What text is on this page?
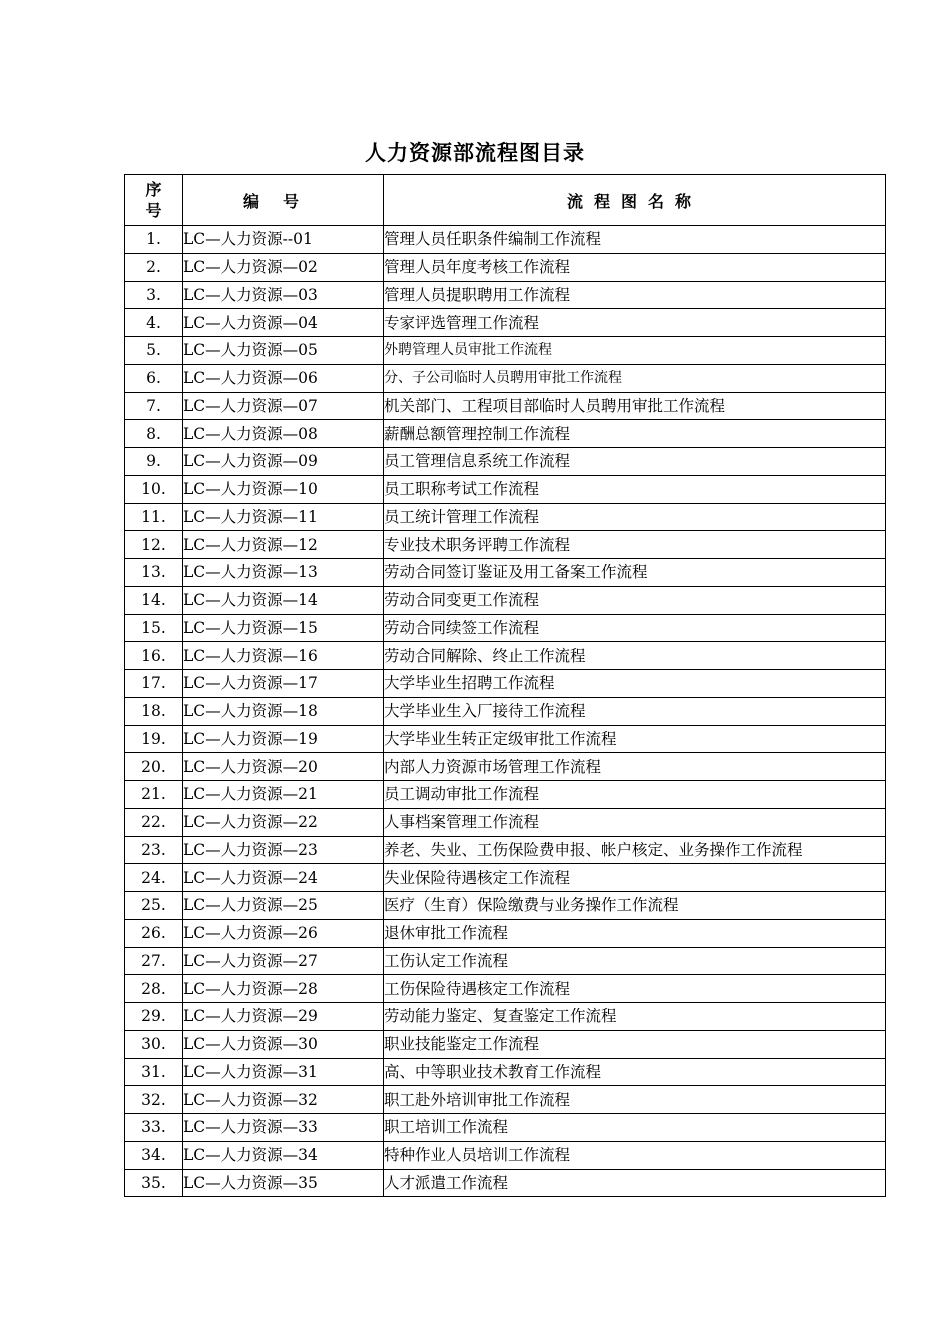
人力资源部流程图目录
序
号	编号	流程图名称
1.	LC—人力资源--01	管理人员任职条件编制工作流程
2.	LC—人力资源—02	管理人员年度考核工作流程
3.	LC—人力资源—03	管理人员提职聘用工作流程
4.	LC—人力资源—04	专家评选管理工作流程
5.	LC—人力资源—05	外聘管理人员审批工作流程
6.	LC—人力资源—06	分、子公司临时人员聘用审批工作流程
7.	LC—人力资源—07	机关部门、工程项目部临时人员聘用审批工作流程
8.	LC—人力资源—08	薪酬总额管理控制工作流程
9.	LC—人力资源—09	员工管理信息系统工作流程
10.	LC—人力资源—10	员工职称考试工作流程
11.	LC—人力资源—11	员工统计管理工作流程
12.	LC—人力资源—12	专业技术职务评聘工作流程
13.	LC—人力资源—13	劳动合同签订鉴证及用工备案工作流程
14.	LC—人力资源—14	劳动合同变更工作流程
15.	LC—人力资源—15	劳动合同续签工作流程
16.	LC—人力资源—16	劳动合同解除、终止工作流程
17.	LC—人力资源—17	大学毕业生招聘工作流程
18.	LC—人力资源—18	大学毕业生入厂接待工作流程
19.	LC—人力资源—19	大学毕业生转正定级审批工作流程
20.	LC—人力资源—20	内部人力资源市场管理工作流程
21.	LC—人力资源—21	员工调动审批工作流程
22.	LC—人力资源—22	人事档案管理工作流程
23.	LC—人力资源—23	养老、失业、工伤保险费申报、帐户核定、业务操作工作流程
24.	LC—人力资源—24	失业保险待遇核定工作流程
25.	LC—人力资源—25	医疗（生育）保险缴费与业务操作工作流程
26.	LC—人力资源—26	退休审批工作流程
27.	LC—人力资源—27	工伤认定工作流程
28.	LC—人力资源—28	工伤保险待遇核定工作流程
29.	LC—人力资源—29	劳动能力鉴定、复查鉴定工作流程
30.	LC—人力资源—30	职业技能鉴定工作流程
31.	LC—人力资源—31	高、中等职业技术教育工作流程
32.	LC—人力资源—32	职工赴外培训审批工作流程
33.	LC—人力资源—33	职工培训工作流程
34.	LC—人力资源—34	特种作业人员培训工作流程
35.	LC—人力资源—35	人才派遣工作流程
